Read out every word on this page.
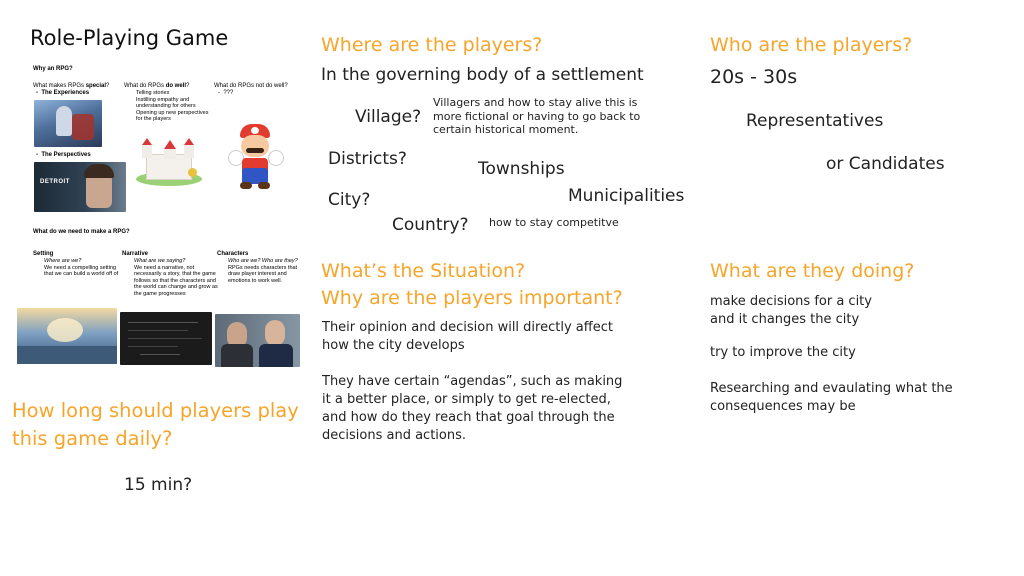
Role-Playing Game
Why an RPG?
What makes RPGs special?
-  The Experiences
-  The Perspectives
DETROIT
What do RPGs do well?
Telling stories
Instilling empathy and understanding for others
Opening up new perspectives for the players
What do RPGs not do well?
-  ???
What do we need to make a RPG?
Setting
Where are we?
We need a compelling setting that we can build a world off of
Narrative
What are we saying?
We need a narrative, not necessarily a story, that the game follows so that the characters and the world can change and grow as the game progresses
Characters
Who are we? Who are they?
RPGs needs characters that draw player interest and emotions to work well.
Where are the players?
In the governing body of a settlement
Village?
Villagers and how to stay alive this is more fictional or having to go back to certain historical moment.
Districts?	Townships
Municipalities
City?
Country? how to stay competitve
Who are the players?
20s - 30s
Representatives
or Candidates
What’s the Situation?
Why are the players important?
Their opinion and decision will directly affect how the city develops
They have certain “agendas”, such as making it a better place, or simply to get re-elected, and how do they reach that goal through the decisions and actions.
What are they doing?
make decisions for a city and it changes the city
try to improve the city
Researching and evaulating what the consequences may be
How long should players play this game daily?
15 min?
